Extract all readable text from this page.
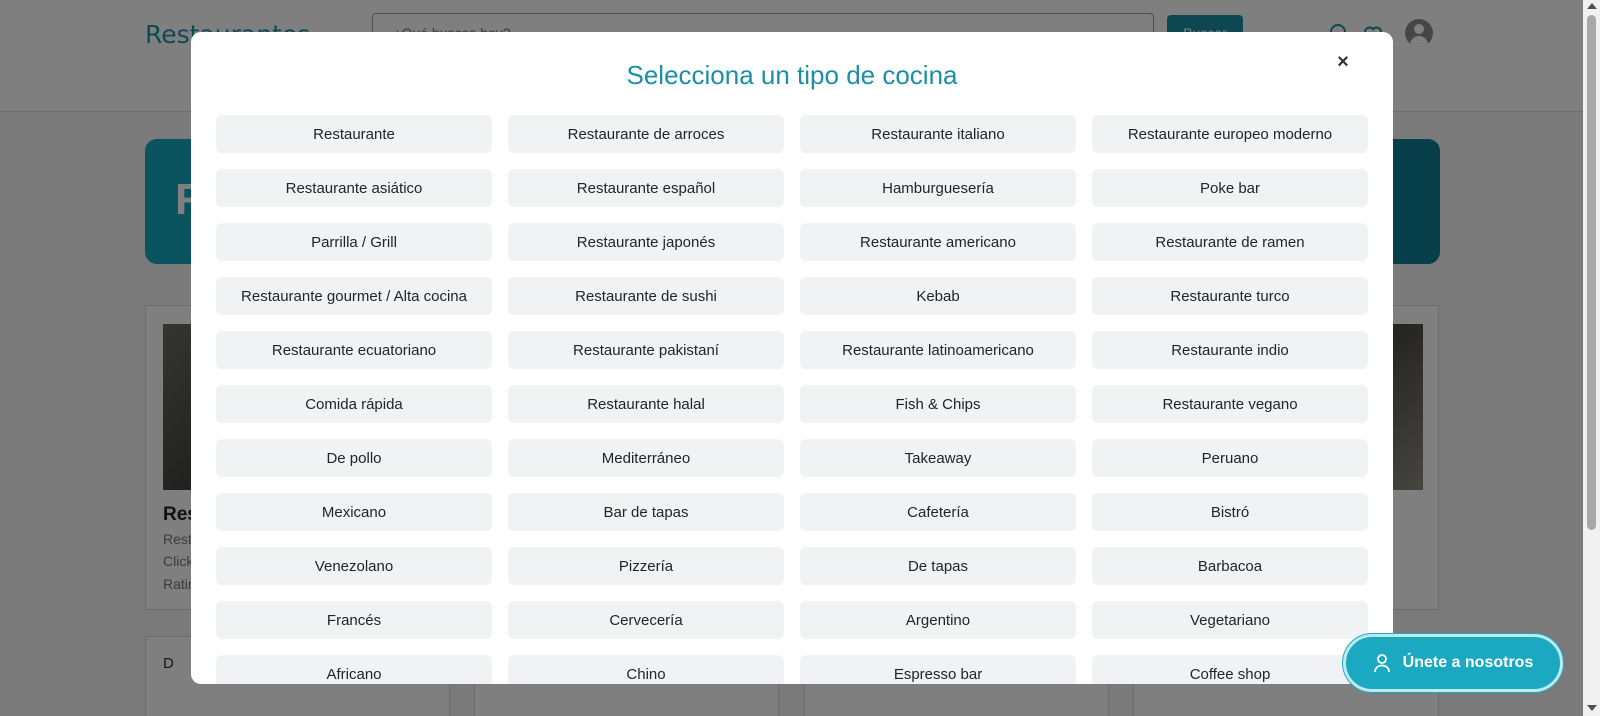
¿Qué buscas hoy?
Selecciona un tipo de cocina	×
Restaurante	Restaurante de arroces	Restaurante italiano	Restaurante europeo moderno
Restaurante asiático	Restaurante español	Hamburguesería	Poke bar
Parrilla / Grill	Restaurante japonés	Restaurante americano	Restaurante de ramen
Restaurante gourmet / Alta cocina	Restaurante de sushi	Kebab	Restaurante turco
Restaurante ecuatoriano	Restaurante pakistaní	Restaurante latinoamericano	Restaurante indio
Comida rápida	Restaurante halal	Fish & Chips	Restaurante vegano
De pollo	Mediterráneo	Takeaway	Peruano
Mexicano	Bar de tapas	Cafetería	Bistró
Venezolano	Pizzería	De tapas	Barbacoa
Francés	Cervecería	Argentino	Vegetariano
Africano	Chino	Espresso bar	Coffee shop
Únete a nosotros
